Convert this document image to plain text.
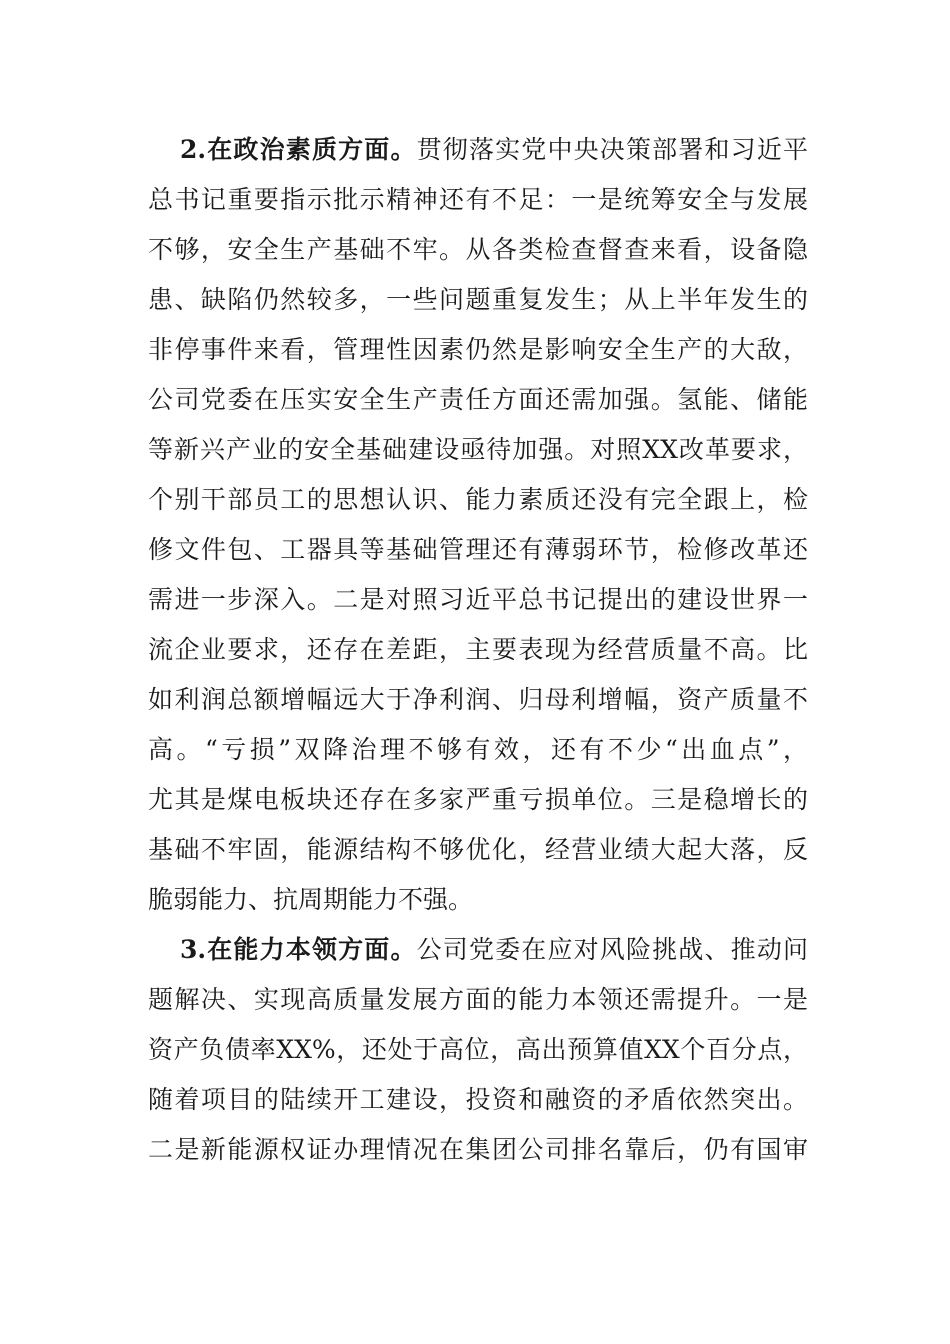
2.在政治素质方面。贯彻落实党中央决策部署和习近平
总书记重要指示批示精神还有不足：一是统筹安全与发展
不够，安全生产基础不牢。从各类检查督查来看，设备隐
患、缺陷仍然较多，一些问题重复发生；从上半年发生的
非停事件来看，管理性因素仍然是影响安全生产的大敌，
公司党委在压实安全生产责任方面还需加强。氢能、储能
等新兴产业的安全基础建设亟待加强。对照XX改革要求，
个别干部员工的思想认识、能力素质还没有完全跟上，检
修文件包、工器具等基础管理还有薄弱环节，检修改革还
需进一步深入。二是对照习近平总书记提出的建设世界一
流企业要求，还存在差距，主要表现为经营质量不高。比
如利润总额增幅远大于净利润、归母利增幅，资产质量不
高。“亏损”双降治理不够有效，还有不少“出血点”，
尤其是煤电板块还存在多家严重亏损单位。三是稳增长的
基础不牢固，能源结构不够优化，经营业绩大起大落，反
脆弱能力、抗周期能力不强。
3.在能力本领方面。公司党委在应对风险挑战、推动问
题解决、实现高质量发展方面的能力本领还需提升。一是
资产负债率XX%，还处于高位，高出预算值XX个百分点，
随着项目的陆续开工建设，投资和融资的矛盾依然突出。
二是新能源权证办理情况在集团公司排名靠后，仍有国审
